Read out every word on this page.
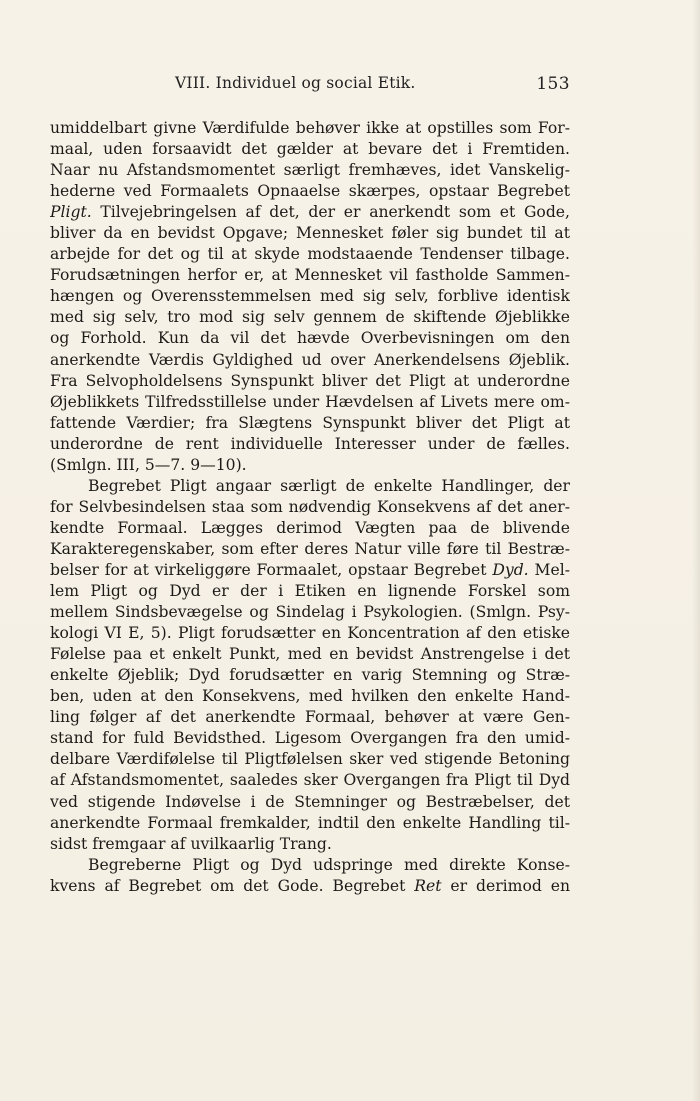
VIII. Individuel og social Etik.	153
umiddelbart givne Værdifulde behøver ikke at opstilles som For-
maal, uden forsaavidt det gælder at bevare det i Fremtiden.
Naar nu Afstandsmomentet særligt fremhæves, idet Vanskelig-
hederne ved Formaalets Opnaaelse skærpes, opstaar Begrebet
Pligt. Tilvejebringelsen af det, der er anerkendt som et Gode,
bliver da en bevidst Opgave; Mennesket føler sig bundet til at
arbejde for det og til at skyde modstaaende Tendenser tilbage.
Forudsætningen herfor er, at Mennesket vil fastholde Sammen-
hængen og Overensstemmelsen med sig selv, forblive identisk
med sig selv, tro mod sig selv gennem de skiftende Øjeblikke
og Forhold. Kun da vil det hævde Overbevisningen om den
anerkendte Værdis Gyldighed ud over Anerkendelsens Øjeblik.
Fra Selvopholdelsens Synspunkt bliver det Pligt at underordne
Øjeblikkets Tilfredsstillelse under Hævdelsen af Livets mere om-
fattende Værdier; fra Slægtens Synspunkt bliver det Pligt at
underordne de rent individuelle Interesser under de fælles.
(Smlgn. III, 5—7. 9—10).
Begrebet Pligt angaar særligt de enkelte Handlinger, der
for Selvbesindelsen staa som nødvendig Konsekvens af det aner-
kendte Formaal. Lægges derimod Vægten paa de blivende
Karakteregenskaber, som efter deres Natur ville føre til Bestræ-
belser for at virkeliggøre Formaalet, opstaar Begrebet Dyd. Mel-
lem Pligt og Dyd er der i Etiken en lignende Forskel som
mellem Sindsbevægelse og Sindelag i Psykologien. (Smlgn. Psy-
kologi VI E, 5). Pligt forudsætter en Koncentration af den etiske
Følelse paa et enkelt Punkt, med en bevidst Anstrengelse i det
enkelte Øjeblik; Dyd forudsætter en varig Stemning og Stræ-
ben, uden at den Konsekvens, med hvilken den enkelte Hand-
ling følger af det anerkendte Formaal, behøver at være Gen-
stand for fuld Bevidsthed. Ligesom Overgangen fra den umid-
delbare Værdifølelse til Pligtfølelsen sker ved stigende Betoning
af Afstandsmomentet, saaledes sker Overgangen fra Pligt til Dyd
ved stigende Indøvelse i de Stemninger og Bestræbelser, det
anerkendte Formaal fremkalder, indtil den enkelte Handling til-
sidst fremgaar af uvilkaarlig Trang.
Begreberne Pligt og Dyd udspringe med direkte Konse-
kvens af Begrebet om det Gode. Begrebet Ret er derimod en
